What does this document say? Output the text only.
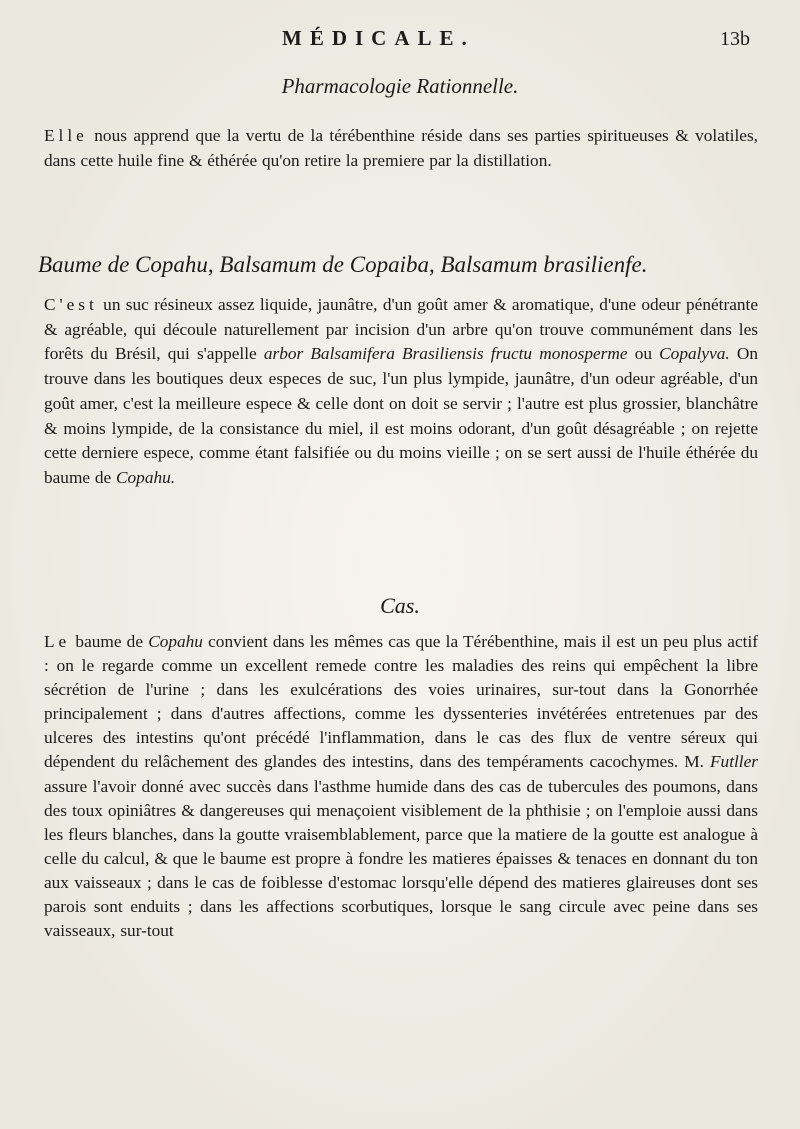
MÉDICALE.	13b
Pharmacologie Rationnelle.
Elle nous apprend que la vertu de la térébenthine réside dans ses parties spiritueuses & volatiles, dans cette huile fine & éthérée qu'on retire la premiere par la distillation.
Baume de Copahu, Balsamum de Copaiba, Balsamum brasilienfe.
C'est un suc résineux assez liquide, jaunâtre, d'un goût amer & aromatique, d'une odeur pénétrante & agréable, qui découle naturellement par incision d'un arbre qu'on trouve communément dans les forêts du Brésil, qui s'appelle arbor Balsamifera Brasiliensis fructu monosperme ou Copalyva. On trouve dans les boutiques deux especes de suc, l'un plus lympide, jaunâtre, d'un odeur agréable, d'un goût amer, c'est la meilleure espece & celle dont on doit se servir ; l'autre est plus grossier, blanchâtre & moins lympide, de la consistance du miel, il est moins odorant, d'un goût désagréable ; on rejette cette derniere espece, comme étant falsifiée ou du moins vieille ; on se sert aussi de l'huile éthérée du baume de Copahu.
Cas.
Le baume de Copahu convient dans les mêmes cas que la Térébenthine, mais il est un peu plus actif : on le regarde comme un excellent remede contre les maladies des reins qui empêchent la libre sécrétion de l'urine ; dans les exulcérations des voies urinaires, sur-tout dans la Gonorrhée principalement ; dans d'autres affections, comme les dyssenteries invétérées entretenues par des ulceres des intestins qu'ont précédé l'inflammation, dans le cas des flux de ventre séreux qui dépendent du relâchement des glandes des intestins, dans des tempéraments cacochymes. M. Futller assure l'avoir donné avec succès dans l'asthme humide dans des cas de tubercules des poumons, dans des toux opiniâtres & dangereuses qui menaçoient visiblement de la phthisie ; on l'emploie aussi dans les fleurs blanches, dans la goutte vraisemblablement, parce que la matiere de la goutte est analogue à celle du calcul, & que le baume est propre à fondre les matieres épaisses & tenaces en donnant du ton aux vaisseaux ; dans le cas de foiblesse d'estomac lorsqu'elle dépend des matieres glaireuses dont ses parois sont enduits ; dans les affections scorbutiques, lorsque le sang circule avec peine dans ses vaisseaux, sur-tout
